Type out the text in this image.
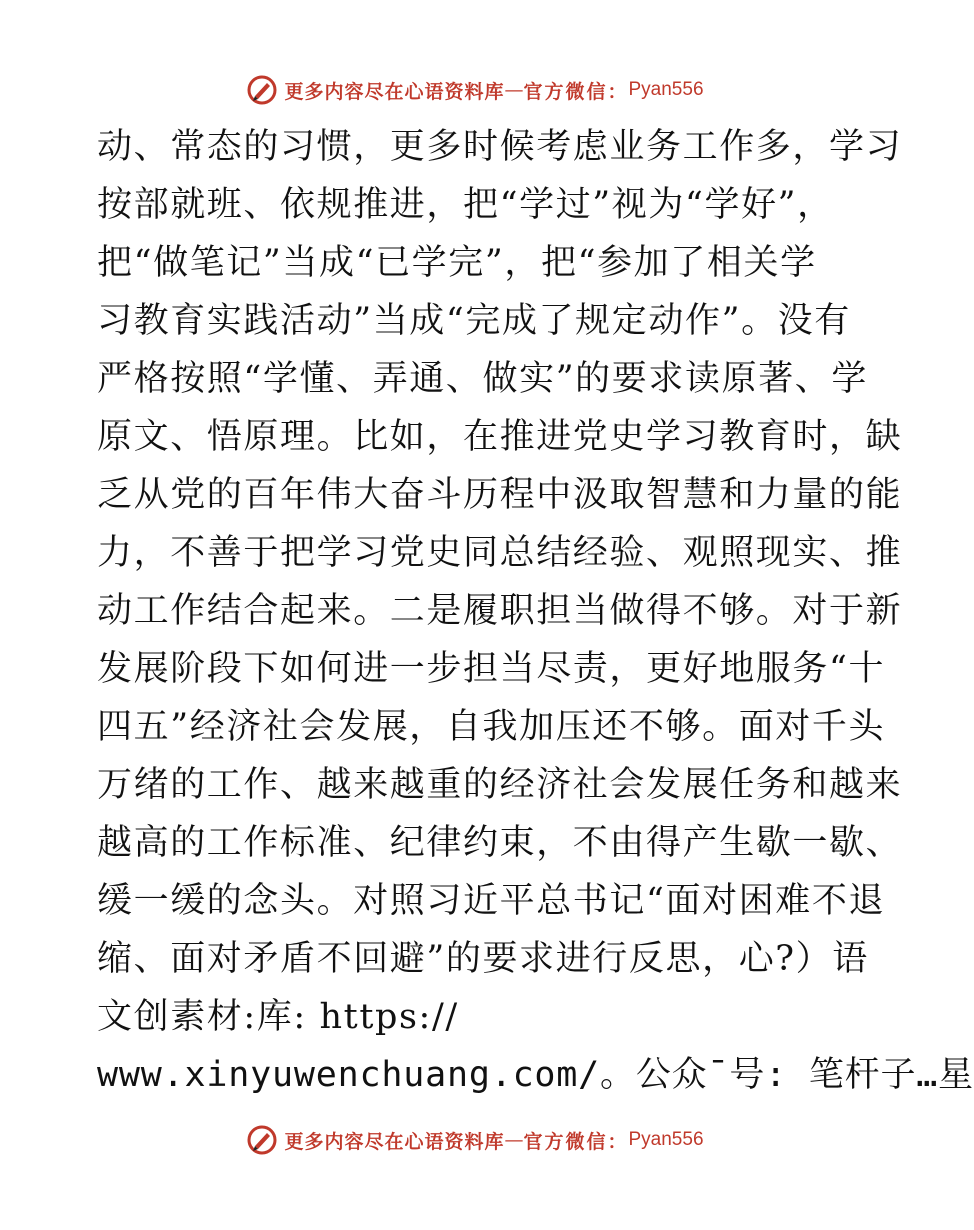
更多内容尽在心语资料库 — 官方微信： Pyan556
动、常态的习惯，更多时候考虑业务工作多，学习
按部就班、依规推进，把“学过”视为“学好”，
把“做笔记”当成“已学完”，把“参加了相关学
习教育实践活动”当成“完成了规定动作”。没有
严格按照“学懂、弄通、做实”的要求读原著、学
原文、悟原理。比如，在推进党史学习教育时，缺
乏从党的百年伟大奋斗历程中汲取智慧和力量的能
力，不善于把学习党史同总结经验、观照现实、推
动工作结合起来。二是履职担当做得不够。对于新
发展阶段下如何进一步担当尽责，更好地服务“十
四五”经济社会发展，自我加压还不够。面对千头
万绪的工作、越来越重的经济社会发展任务和越来
越高的工作标准、纪律约束，不由得产生歇一歇、
缓一缓的念头。对照习近平总书记“面对困难不退
缩、面对矛盾不回避”的要求进行反思，心?）语
文创素材:库: https://
www.xinyuwenchuang.com/。公众¯号: 笔杆子…星
更多内容尽在心语资料库 — 官方微信： Pyan556
